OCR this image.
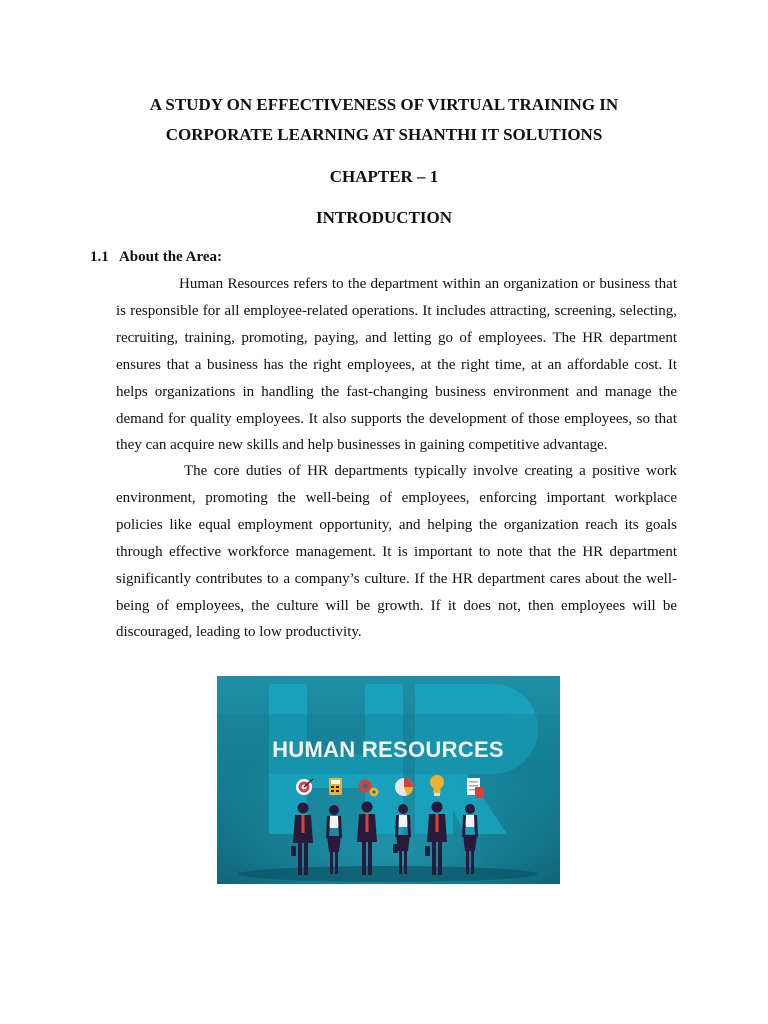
A STUDY ON EFFECTIVENESS OF VIRTUAL TRAINING IN
CORPORATE LEARNING AT SHANTHI IT SOLUTIONS

CHAPTER – 1

INTRODUCTION

1.1 About the Area:

Human Resources refers to the department within an organization or business that is responsible for all employee-related operations. It includes attracting, screening, selecting, recruiting, training, promoting, paying, and letting go of employees. The HR department ensures that a business has the right employees, at the right time, at an affordable cost. It helps organizations in handling the fast-changing business environment and manage the demand for quality employees. It also supports the development of those employees, so that they can acquire new skills and help businesses in gaining competitive advantage.

The core duties of HR departments typically involve creating a positive work environment, promoting the well-being of employees, enforcing important workplace policies like equal employment opportunity, and helping the organization reach its goals through effective workforce management. It is important to note that the HR department significantly contributes to a company’s culture. If the HR department cares about the well-being of employees, the culture will be growth. If it does not, then employees will be discouraged, leading to low productivity.

HUMAN RESOURCES
